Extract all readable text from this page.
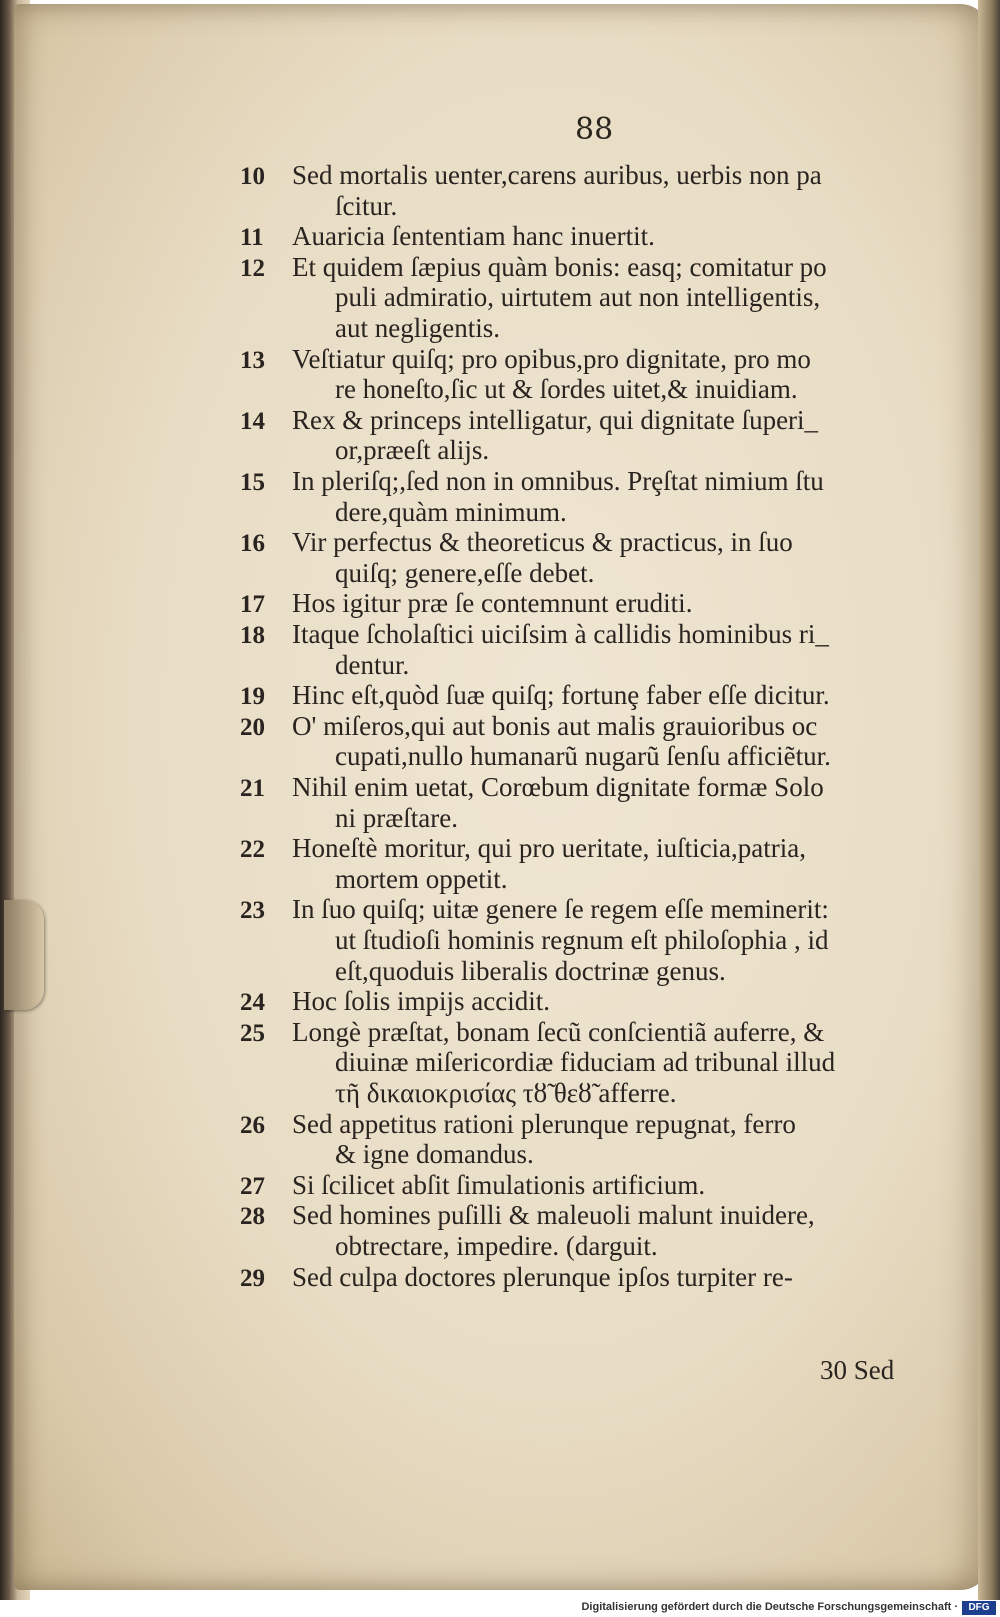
88
10 Sed mortalis uenter,carens auribus, uerbis non pa
ſcitur.
11 Auaricia ſententiam hanc inuertit.
12 Et quidem ſæpius quàm bonis: easq; comitatur po
puli admiratio, uirtutem aut non intelligentis,
aut negligentis.
13 Veſtiatur quiſq; pro opibus,pro dignitate, pro mo
re honeſto,ſic ut & ſordes uitet,& inuidiam.
14 Rex & princeps intelligatur, qui dignitate ſuperi_
or,præeſt alijs.
15 In pleriſq;,ſed non in omnibus. Prȩſtat nimium ſtu
dere,quàm minimum.
16 Vir perfectus & theoreticus & practicus, in ſuo
quiſq; genere,eſſe debet.
17 Hos igitur præ ſe contemnunt eruditi.
18 Itaque ſcholaſtici uiciſsim à callidis hominibus ri_
dentur.
19 Hinc eſt,quòd ſuæ quiſq; fortunȩ faber eſſe dicitur.
20 O' miſeros,qui aut bonis aut malis grauioribus oc
cupati,nullo humanarũ nugarũ ſenſu afficiẽtur.
21 Nihil enim uetat, Corœbum dignitate formæ Solo
ni præſtare.
22 Honeſtè moritur, qui pro ueritate, iuſticia,patria,
mortem oppetit.
23 In ſuo quiſq; uitæ genere ſe regem eſſe meminerit:
ut ſtudioſi hominis regnum eſt philoſophia , id
eſt,quoduis liberalis doctrinæ genus.
24 Hoc ſolis impijs accidit.
25 Longè præſtat, bonam ſecũ conſcientiã auferre, &
diuinæ miſericordiæ fiduciam ad tribunal illud
τῆ δικαιοκρισίας τȣ̃ θεȣ̃ afferre.
26 Sed appetitus rationi plerunque repugnat, ferro
& igne domandus.
27 Si ſcilicet abſit ſimulationis artificium.
28 Sed homines puſilli & maleuoli malunt inuidere,
obtrectare, impedire. (darguit.
29 Sed culpa doctores plerunque ipſos turpiter re-
30 Sed
Digitalisierung gefördert durch die Deutsche Forschungsgemeinschaft ·	DFG
